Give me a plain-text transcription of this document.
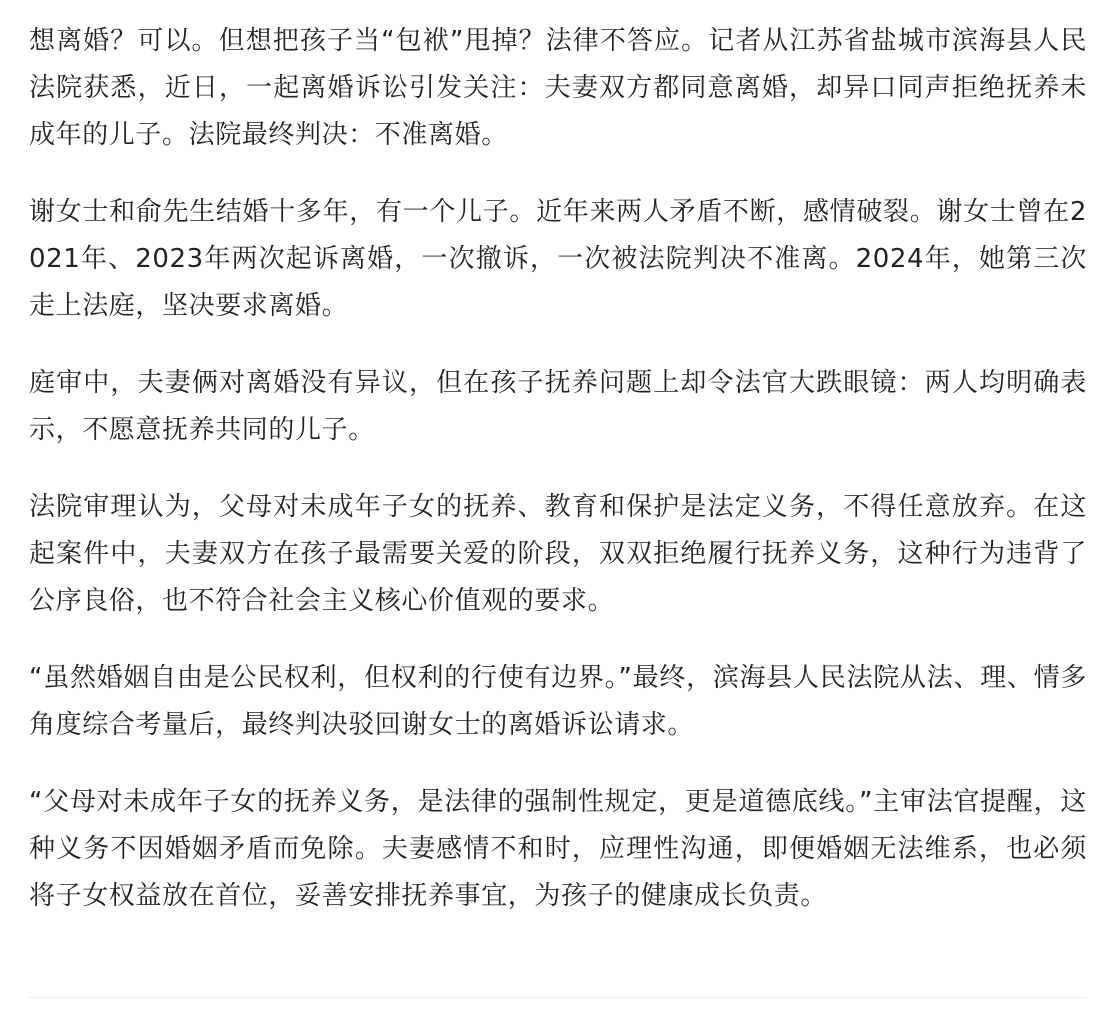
想离婚？可以。但想把孩子当“包袱”甩掉？法律不答应。记者从江苏省盐城市滨海县人民法院获悉，近日，一起离婚诉讼引发关注：夫妻双方都同意离婚，却异口同声拒绝抚养未成年的儿子。法院最终判决：不准离婚。

谢女士和俞先生结婚十多年，有一个儿子。近年来两人矛盾不断，感情破裂。谢女士曾在2021年、2023年两次起诉离婚，一次撤诉，一次被法院判决不准离。2024年，她第三次走上法庭，坚决要求离婚。

庭审中，夫妻俩对离婚没有异议，但在孩子抚养问题上却令法官大跌眼镜：两人均明确表示，不愿意抚养共同的儿子。

法院审理认为，父母对未成年子女的抚养、教育和保护是法定义务，不得任意放弃。在这起案件中，夫妻双方在孩子最需要关爱的阶段，双双拒绝履行抚养义务，这种行为违背了公序良俗，也不符合社会主义核心价值观的要求。

“虽然婚姻自由是公民权利，但权利的行使有边界。”最终，滨海县人民法院从法、理、情多角度综合考量后，最终判决驳回谢女士的离婚诉讼请求。

“父母对未成年子女的抚养义务，是法律的强制性规定，更是道德底线。”主审法官提醒，这种义务不因婚姻矛盾而免除。夫妻感情不和时，应理性沟通，即便婚姻无法维系，也必须将子女权益放在首位，妥善安排抚养事宜，为孩子的健康成长负责。
